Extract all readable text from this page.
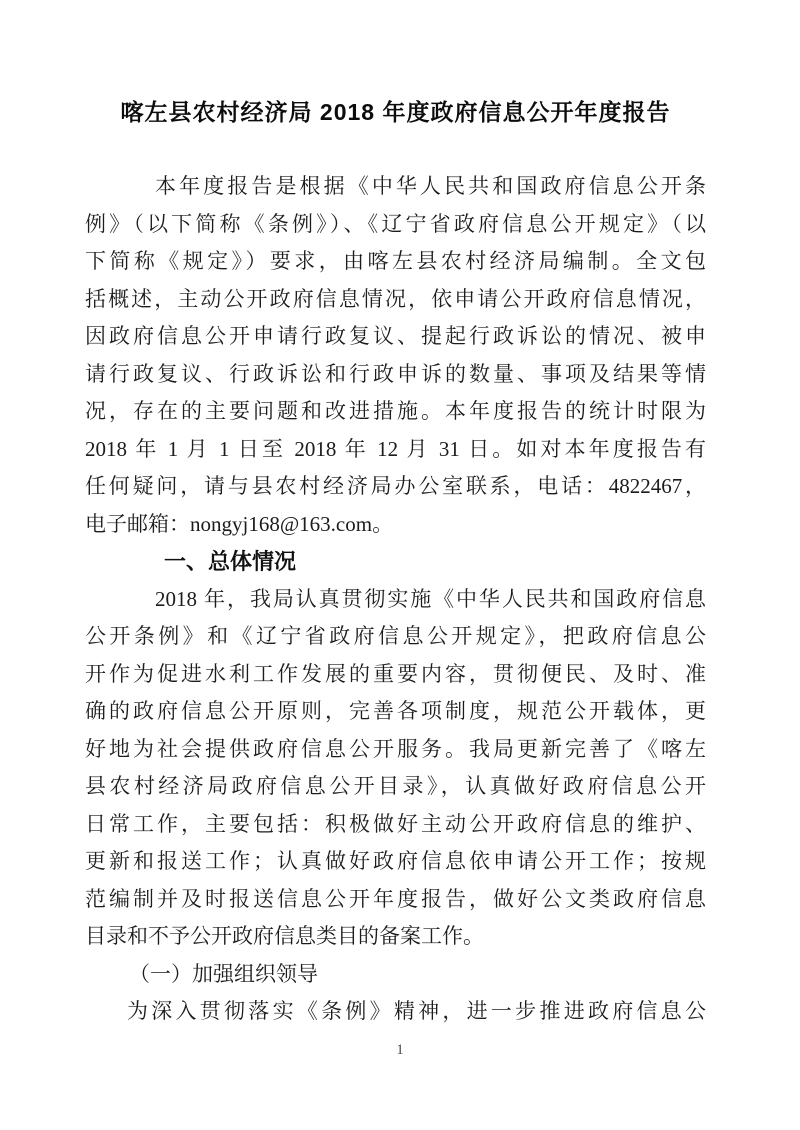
喀左县农村经济局 2018 年度政府信息公开年度报告
本年度报告是根据《中华人民共和国政府信息公开条
例》（以下简称《条例》）、《辽宁省政府信息公开规定》（以
下简称《规定》）要求，由喀左县农村经济局编制。全文包
括概述，主动公开政府信息情况，依申请公开政府信息情况，
因政府信息公开申请行政复议、提起行政诉讼的情况、被申
请行政复议、行政诉讼和行政申诉的数量、事项及结果等情
况，存在的主要问题和改进措施。本年度报告的统计时限为
2018 年 1 月 1 日至 2018 年 12 月 31 日。如对本年度报告有
任何疑问，请与县农村经济局办公室联系，电话：4822467，
电子邮箱：nongyj168@163.com。
一、总体情况
2018 年，我局认真贯彻实施《中华人民共和国政府信息
公开条例》和《辽宁省政府信息公开规定》，把政府信息公
开作为促进水利工作发展的重要内容，贯彻便民、及时、准
确的政府信息公开原则，完善各项制度，规范公开载体，更
好地为社会提供政府信息公开服务。我局更新完善了《喀左
县农村经济局政府信息公开目录》，认真做好政府信息公开
日常工作，主要包括：积极做好主动公开政府信息的维护、
更新和报送工作；认真做好政府信息依申请公开工作；按规
范编制并及时报送信息公开年度报告，做好公文类政府信息
目录和不予公开政府信息类目的备案工作。
（一）加强组织领导
为深入贯彻落实《条例》精神，进一步推进政府信息公
1
